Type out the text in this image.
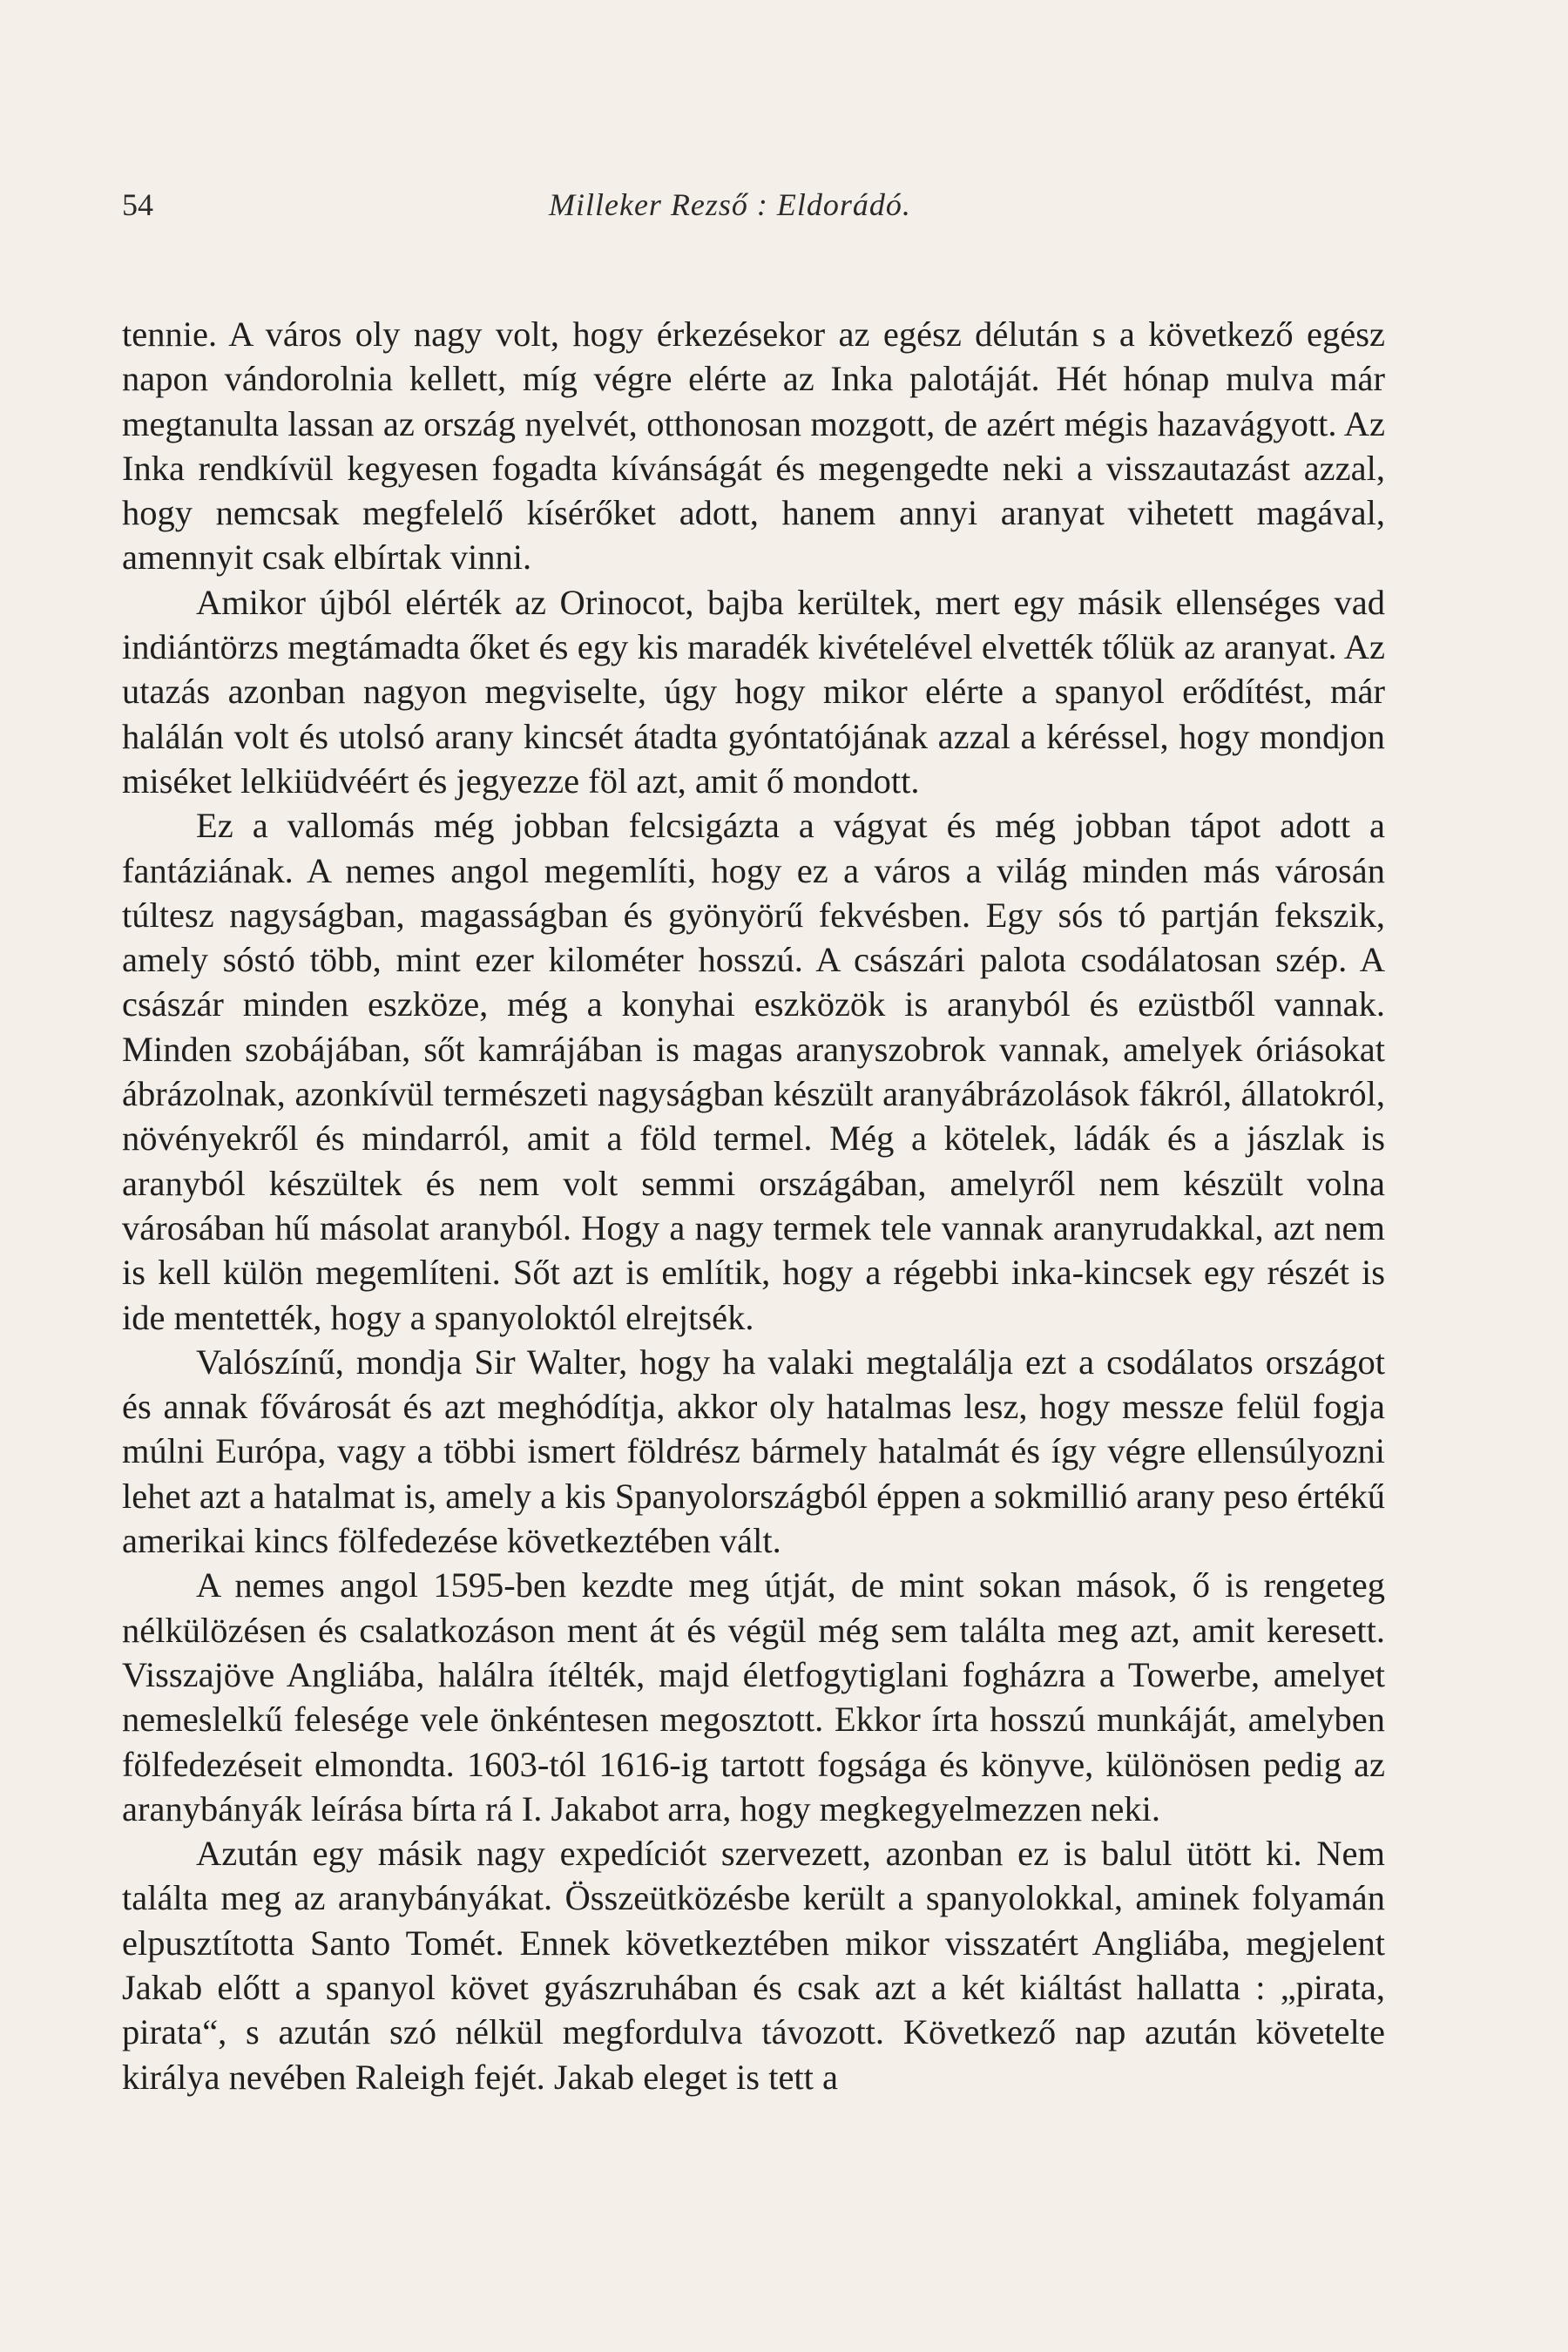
54	Milleker Rezső : Eldorádó.

tennie. A város oly nagy volt, hogy érkezésekor az egész délután s a következő egész napon vándorolnia kellett, míg végre elérte az Inka palotáját. Hét hónap mulva már megtanulta lassan az ország nyelvét, otthonosan mozgott, de azért mégis hazavágyott. Az Inka rendkívül kegyesen fogadta kívánságát és megengedte neki a visszautazást azzal, hogy nemcsak megfelelő kísérőket adott, hanem annyi aranyat vihetett magával, amennyit csak elbírtak vinni.

Amikor újból elérték az Orinocot, bajba kerültek, mert egy másik ellenséges vad indiántörzs megtámadta őket és egy kis maradék kivételével elvették tőlük az aranyat. Az utazás azonban nagyon megviselte, úgy hogy mikor elérte a spanyol erődítést, már halálán volt és utolsó arany kincsét átadta gyóntatójának azzal a kéréssel, hogy mondjon miséket lelkiüdvéért és jegyezze föl azt, amit ő mondott.

Ez a vallomás még jobban felcsigázta a vágyat és még jobban tápot adott a fantáziának. A nemes angol megemlíti, hogy ez a város a világ minden más városán túltesz nagyságban, magasságban és gyönyörű fekvésben. Egy sós tó partján fekszik, amely sóstó több, mint ezer kilométer hosszú. A császári palota csodálatosan szép. A császár minden eszköze, még a konyhai eszközök is aranyból és ezüstből vannak. Minden szobájában, sőt kamrájában is magas aranyszobrok vannak, amelyek óriásokat ábrázolnak, azonkívül természeti nagyságban készült aranyábrázolások fákról, állatokról, növényekről és mindarról, amit a föld termel. Még a kötelek, ládák és a jászlak is aranyból készültek és nem volt semmi országában, amelyről nem készült volna városában hű másolat aranyból. Hogy a nagy termek tele vannak aranyrudakkal, azt nem is kell külön megemlíteni. Sőt azt is említik, hogy a régebbi inka-kincsek egy részét is ide mentették, hogy a spanyoloktól elrejtsék.

Valószínű, mondja Sir Walter, hogy ha valaki megtalálja ezt a csodálatos országot és annak fővárosát és azt meghódítja, akkor oly hatalmas lesz, hogy messze felül fogja múlni Európa, vagy a többi ismert földrész bármely hatalmát és így végre ellensúlyozni lehet azt a hatalmat is, amely a kis Spanyolországból éppen a sokmillió arany peso értékű amerikai kincs fölfedezése következtében vált.

A nemes angol 1595-ben kezdte meg útját, de mint sokan mások, ő is rengeteg nélkülözésen és csalatkozáson ment át és végül még sem találta meg azt, amit keresett. Visszajöve Angliába, halálra ítélték, majd életfogytiglani fogházra a Towerbe, amelyet nemeslelkű felesége vele önkéntesen megosztott. Ekkor írta hosszú munkáját, amelyben fölfedezéseit elmondta. 1603-tól 1616-ig tartott fogsága és könyve, különösen pedig az aranybányák leírása bírta rá I. Jakabot arra, hogy megkegyelmezzen neki.

Azután egy másik nagy expedíciót szervezett, azonban ez is balul ütött ki. Nem találta meg az aranybányákat. Összeütközésbe került a spanyolokkal, aminek folyamán elpusztította Santo Tomét. Ennek következtében mikor visszatért Angliába, megjelent Jakab előtt a spanyol követ gyászruhában és csak azt a két kiáltást hallatta : „pirata, pirata“, s azután szó nélkül megfordulva távozott. Következő nap azután követelte királya nevében Raleigh fejét. Jakab eleget is tett a
